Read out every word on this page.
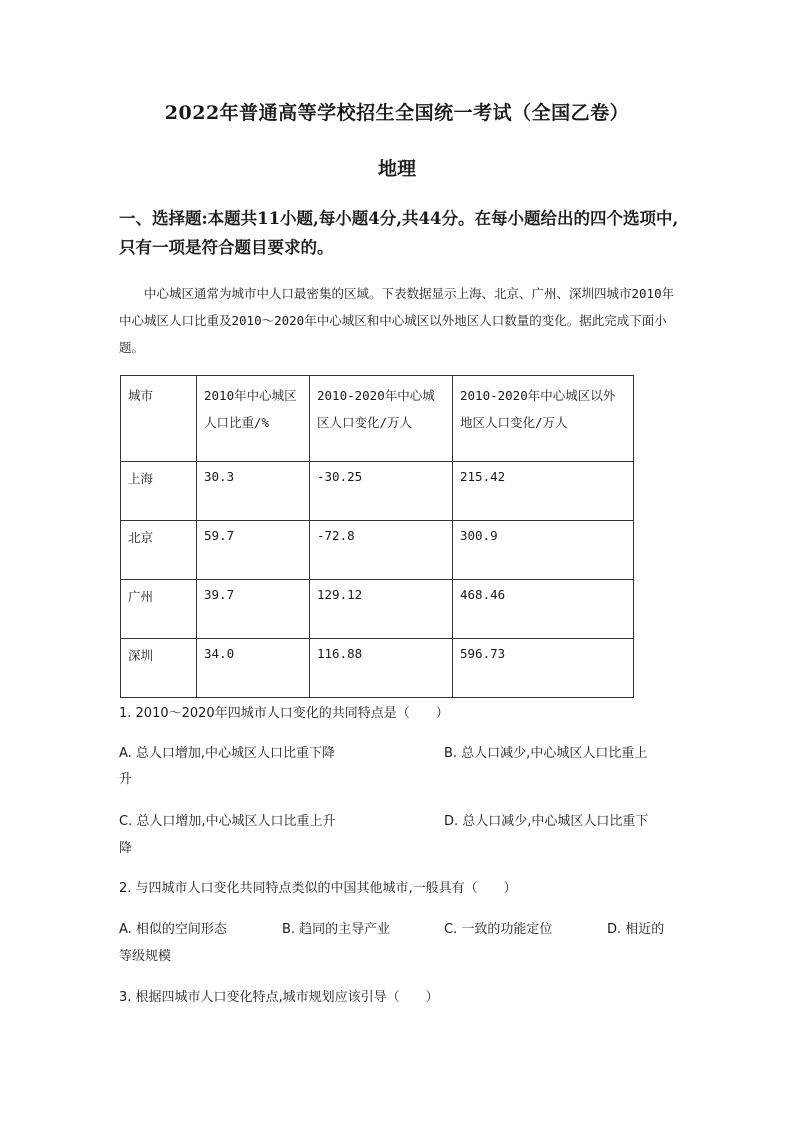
2022年普通高等学校招生全国统一考试（全国乙卷）
地理
一、选择题:本题共11小题,每小题4分,共44分。在每小题给出的四个选项中,只有一项是符合题目要求的。
中心城区通常为城市中人口最密集的区域。下表数据显示上海、北京、广州、深圳四城市2010年中心城区人口比重及2010～2020年中心城区和中心城区以外地区人口数量的变化。据此完成下面小题。
城市	2010年中心城区人口比重/%	2010-2020年中心城区人口变化/万人	2010-2020年中心城区以外地区人口变化/万人
上海	30.3	-30.25	215.42
北京	59.7	-72.8	300.9
广州	39.7	129.12	468.46
深圳	34.0	116.88	596.73
1. 2010～2020年四城市人口变化的共同特点是（　　）
A. 总人口增加,中心城区人口比重下降	B. 总人口减少,中心城区人口比重上
升
C. 总人口增加,中心城区人口比重上升	D. 总人口减少,中心城区人口比重下
降
2. 与四城市人口变化共同特点类似的中国其他城市,一般具有（　　）
A. 相似的空间形态	B. 趋同的主导产业	C. 一致的功能定位	D. 相近的
等级规模
3. 根据四城市人口变化特点,城市规划应该引导（　　）
